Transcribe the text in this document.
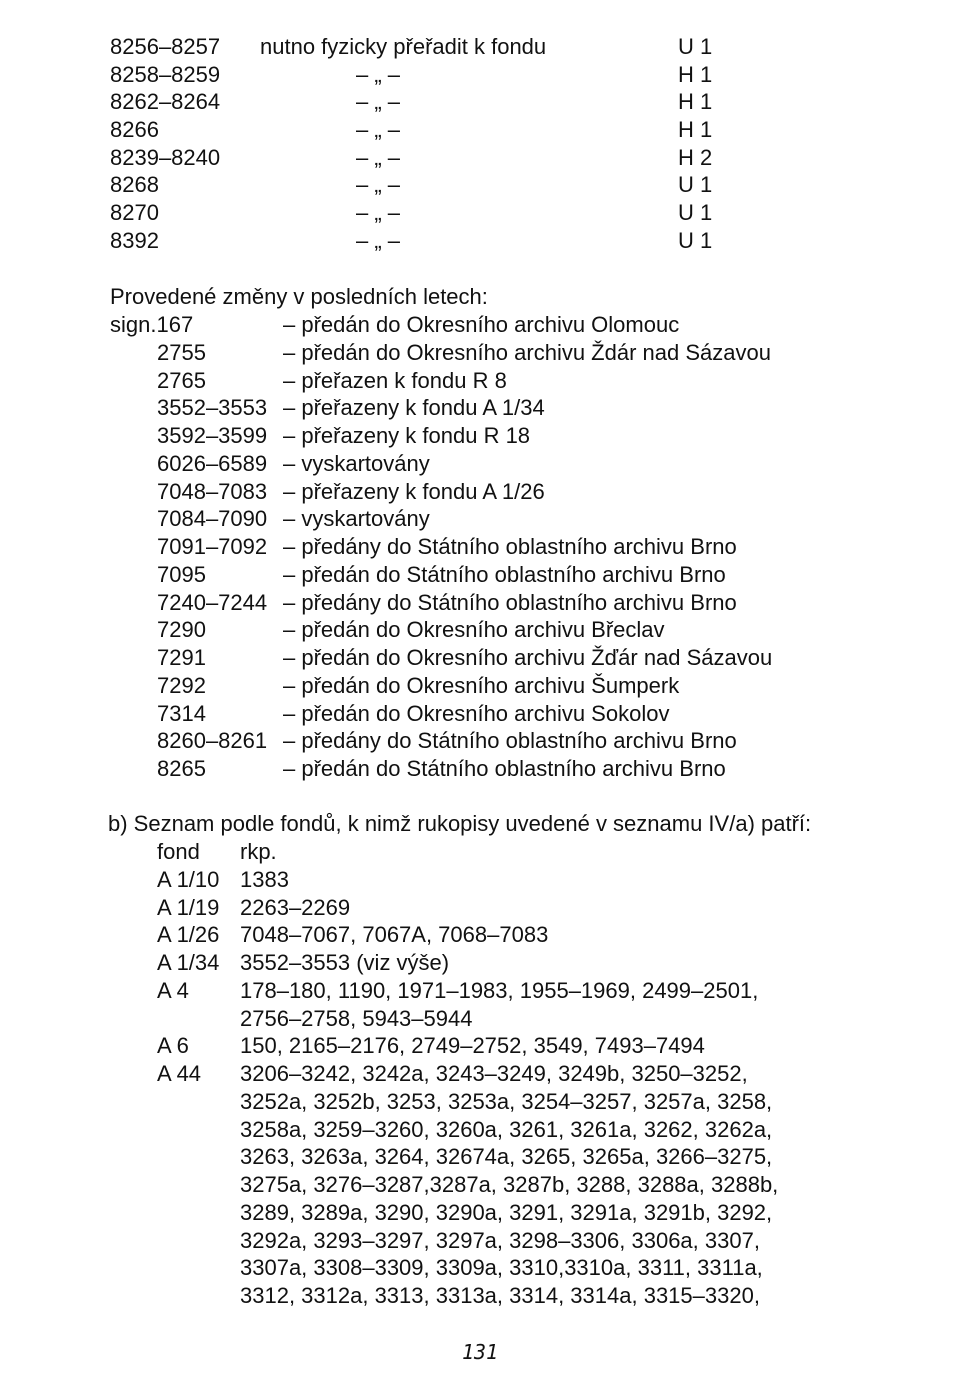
8256–8257 nutno fyzicky přeřadit k fondu	U 1
8258–8259	– „ –	H 1
8262–8264	– „ –	H 1
8266	– „ –	H 1
8239–8240	– „ –	H 2
8268	– „ –	U 1
8270	– „ –	U 1
8392	– „ –	U 1
Provedené změny v posledních letech:
sign.167	– předán do Okresního archivu Olomouc
2755	– předán do Okresního archivu Ždár nad Sázavou
2765	– přeřazen k fondu R 8
3552–3553 – přeřazeny k fondu A 1/34
3592–3599 – přeřazeny k fondu R 18
6026–6589 – vyskartovány
7048–7083 – přeřazeny k fondu A 1/26
7084–7090 – vyskartovány
7091–7092 – předány do Státního oblastního archivu Brno
7095	– předán do Státního oblastního archivu Brno
7240–7244 – předány do Státního oblastního archivu Brno
7290	– předán do Okresního archivu Břeclav
7291	– předán do Okresního archivu Žďár nad Sázavou
7292	– předán do Okresního archivu Šumperk
7314	– předán do Okresního archivu Sokolov
8260–8261 – předány do Státního oblastního archivu Brno
8265	– předán do Státního oblastního archivu Brno
b) Seznam podle fondů, k nimž rukopisy uvedené v seznamu IV/a) patří:
fond rkp.
A 1/10 1383
A 1/19 2263–2269
A 1/26 7048–7067, 7067A, 7068–7083
A 1/34 3552–3553 (viz výše)
A 4 178–180, 1190, 1971–1983, 1955–1969, 2499–2501,
2756–2758, 5943–5944
A 6 150, 2165–2176, 2749–2752, 3549, 7493–7494
A 44 3206–3242, 3242a, 3243–3249, 3249b, 3250–3252,
3252a, 3252b, 3253, 3253a, 3254–3257, 3257a, 3258,
3258a, 3259–3260, 3260a, 3261, 3261a, 3262, 3262a,
3263, 3263a, 3264, 32674a, 3265, 3265a, 3266–3275,
3275a, 3276–3287,3287a, 3287b, 3288, 3288a, 3288b,
3289, 3289a, 3290, 3290a, 3291, 3291a, 3291b, 3292,
3292a, 3293–3297, 3297a, 3298–3306, 3306a, 3307,
3307a, 3308–3309, 3309a, 3310,3310a, 3311, 3311a,
3312, 3312a, 3313, 3313a, 3314, 3314a, 3315–3320,
131
